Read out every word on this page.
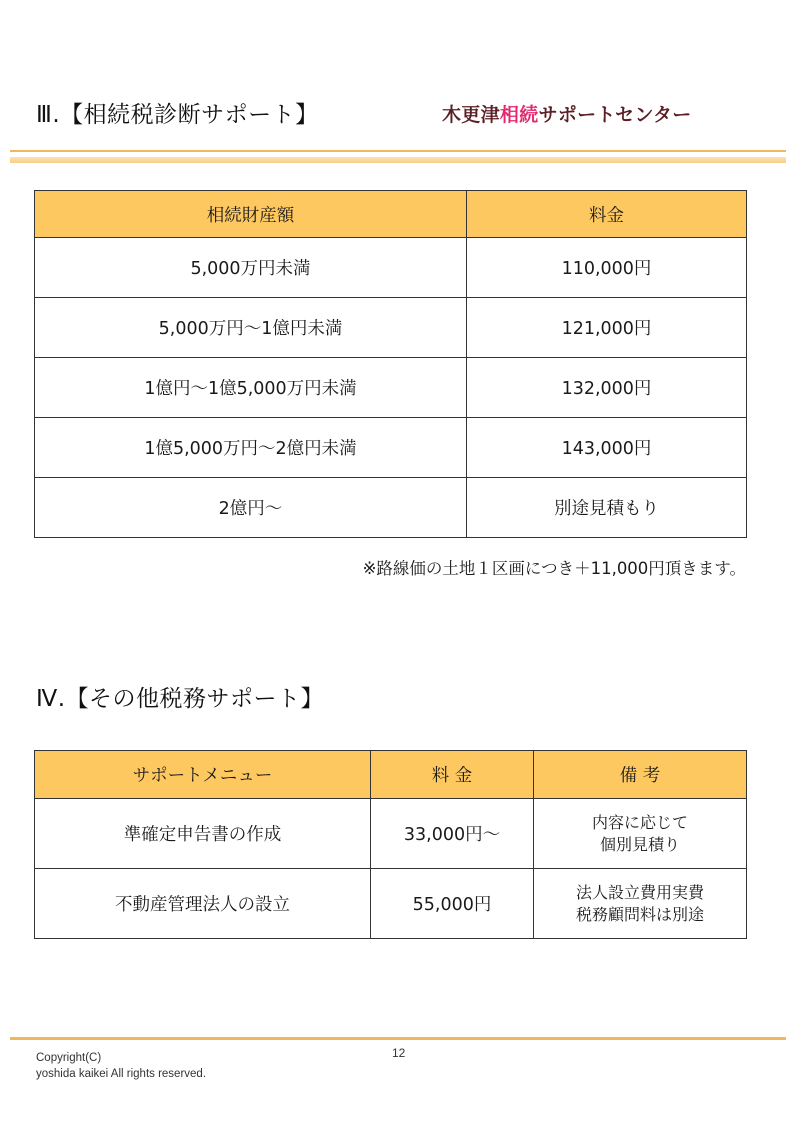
Ⅲ.【相続税診断サポート】	木更津相続サポートセンター
相続財産額	料金
5,000万円未満	110,000円
5,000万円～1億円未満	121,000円
1億円～1億5,000万円未満	132,000円
1億5,000万円～2億円未満	143,000円
2億円～	別途見積もり
※路線価の土地１区画につき＋11,000円頂きます。
Ⅳ.【その他税務サポート】
サポートメニュー	料 金	備 考
準確定申告書の作成	33,000円～	内容に応じて
個別見積り

不動産管理法人の設立	55,000円	法人設立費用実費
税務顧問料は別途
Copyright(C)
yoshida kaikei All rights reserved.
12
